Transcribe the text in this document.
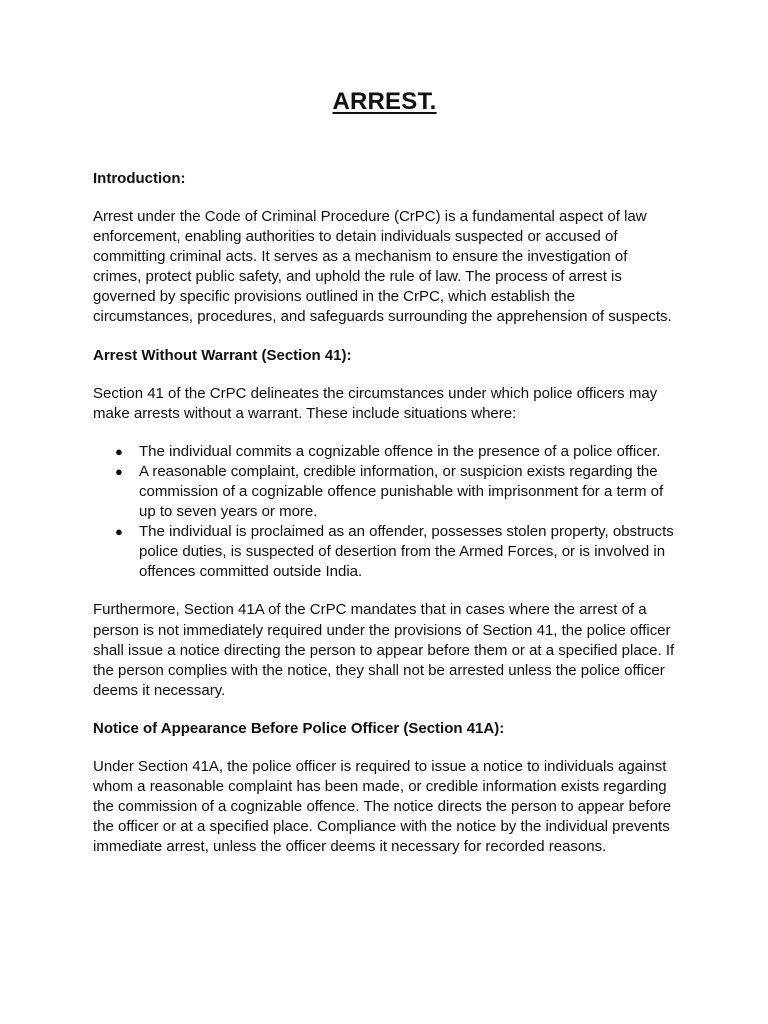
ARREST.
Introduction:

Arrest under the Code of Criminal Procedure (CrPC) is a fundamental aspect of law enforcement, enabling authorities to detain individuals suspected or accused of committing criminal acts. It serves as a mechanism to ensure the investigation of crimes, protect public safety, and uphold the rule of law. The process of arrest is governed by specific provisions outlined in the CrPC, which establish the circumstances, procedures, and safeguards surrounding the apprehension of suspects.

Arrest Without Warrant (Section 41):

Section 41 of the CrPC delineates the circumstances under which police officers may make arrests without a warrant. These include situations where:

● The individual commits a cognizable offence in the presence of a police officer.
● A reasonable complaint, credible information, or suspicion exists regarding the commission of a cognizable offence punishable with imprisonment for a term of up to seven years or more.
● The individual is proclaimed as an offender, possesses stolen property, obstructs police duties, is suspected of desertion from the Armed Forces, or is involved in offences committed outside India.

Furthermore, Section 41A of the CrPC mandates that in cases where the arrest of a person is not immediately required under the provisions of Section 41, the police officer shall issue a notice directing the person to appear before them or at a specified place. If the person complies with the notice, they shall not be arrested unless the police officer deems it necessary.

Notice of Appearance Before Police Officer (Section 41A):

Under Section 41A, the police officer is required to issue a notice to individuals against whom a reasonable complaint has been made, or credible information exists regarding the commission of a cognizable offence. The notice directs the person to appear before the officer or at a specified place. Compliance with the notice by the individual prevents immediate arrest, unless the officer deems it necessary for recorded reasons.
